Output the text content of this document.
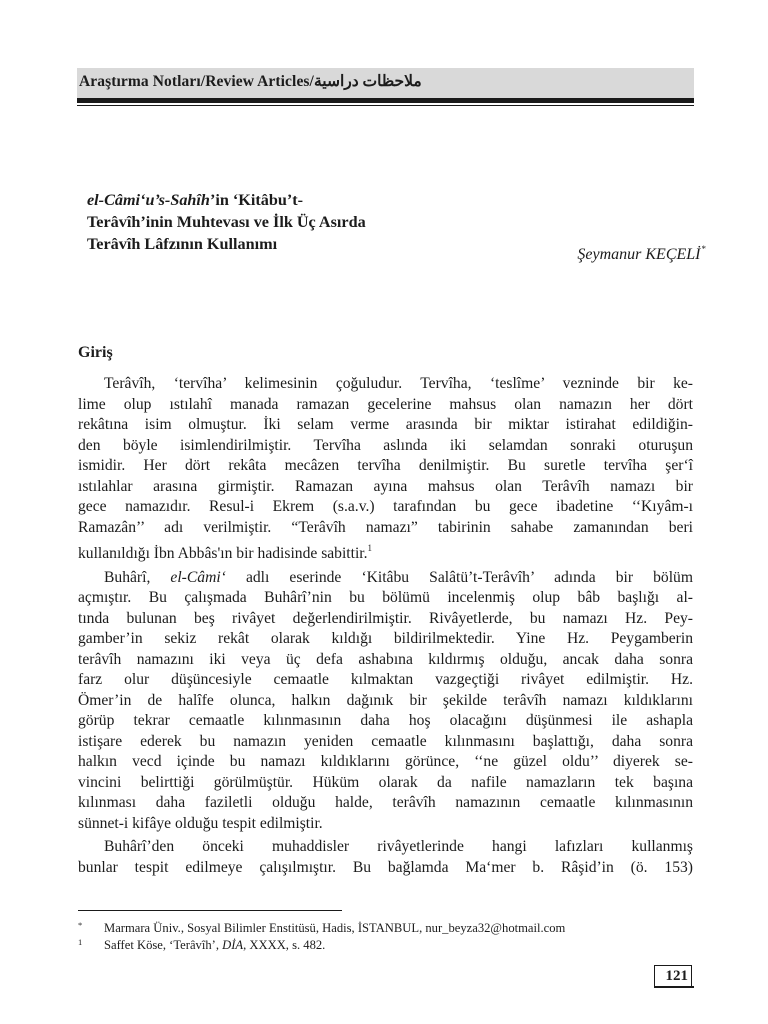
Araştırma Notları/Review Articles/ملاحظات دراسية
el-Câmi‘u’s-Sahîh’in ‘Kitâbu’t-
Terâvîh’inin Muhtevası ve İlk Üç Asırda
Terâvîh Lâfzının Kullanımı
Şeymanur KEÇELİ*
Giriş
Terâvîh, ‘tervîha’ kelimesinin çoğuludur. Tervîha, ‘teslîme’ vezninde bir ke-
lime olup ıstılahî manada ramazan gecelerine mahsus olan namazın her dört
rekâtına isim olmuştur. İki selam verme arasında bir miktar istirahat edildiğin-
den böyle isimlendirilmiştir. Tervîha aslında iki selamdan sonraki oturuşun
ismidir. Her dört rekâta mecâzen tervîha denilmiştir. Bu suretle tervîha şer‘î
ıstılahlar arasına girmiştir. Ramazan ayına mahsus olan Terâvîh namazı bir
gece namazıdır. Resul-i Ekrem (s.a.v.) tarafından bu gece ibadetine ‘‘Kıyâm-ı
Ramazân’’ adı verilmiştir. “Terâvîh namazı” tabirinin sahabe zamanından beri
kullanıldığı İbn Abbâs'ın bir hadisinde sabittir.$^1$
Buhârî, el-Câmi‘ adlı eserinde ‘Kitâbu Salâtü’t-Terâvîh’ adında bir bölüm
açmıştır. Bu çalışmada Buhârî’nin bu bölümü incelenmiş olup bâb başlığı al-
tında bulunan beş rivâyet değerlendirilmiştir. Rivâyetlerde, bu namazı Hz. Pey-
gamber’in sekiz rekât olarak kıldığı bildirilmektedir. Yine Hz. Peygamberin
terâvîh namazını iki veya üç defa ashabına kıldırmış olduğu, ancak daha sonra
farz olur düşüncesiyle cemaatle kılmaktan vazgeçtiği rivâyet edilmiştir. Hz.
Ömer’in de halîfe olunca, halkın dağınık bir şekilde terâvîh namazı kıldıklarını
görüp tekrar cemaatle kılınmasının daha hoş olacağını düşünmesi ile ashapla
istişare ederek bu namazın yeniden cemaatle kılınmasını başlattığı, daha sonra
halkın vecd içinde bu namazı kıldıklarını görünce, ‘‘ne güzel oldu’’ diyerek se-
vincini belirttiği görülmüştür. Hüküm olarak da nafile namazların tek başına
kılınması daha faziletli olduğu halde, terâvîh namazının cemaatle kılınmasının
sünnet-i kifâye olduğu tespit edilmiştir.
Buhârî’den önceki muhaddisler rivâyetlerinde hangi lafızları kullanmış
bunlar tespit edilmeye çalışılmıştır. Bu bağlamda Ma‘mer b. Râşid’in (ö. 153)
*	Marmara Üniv., Sosyal Bilimler Enstitüsü, Hadis, İSTANBUL, nur_beyza32@hotmail.com
1	Saffet Köse, ‘Terâvîh’, DİA, XXXX, s. 482.
121
